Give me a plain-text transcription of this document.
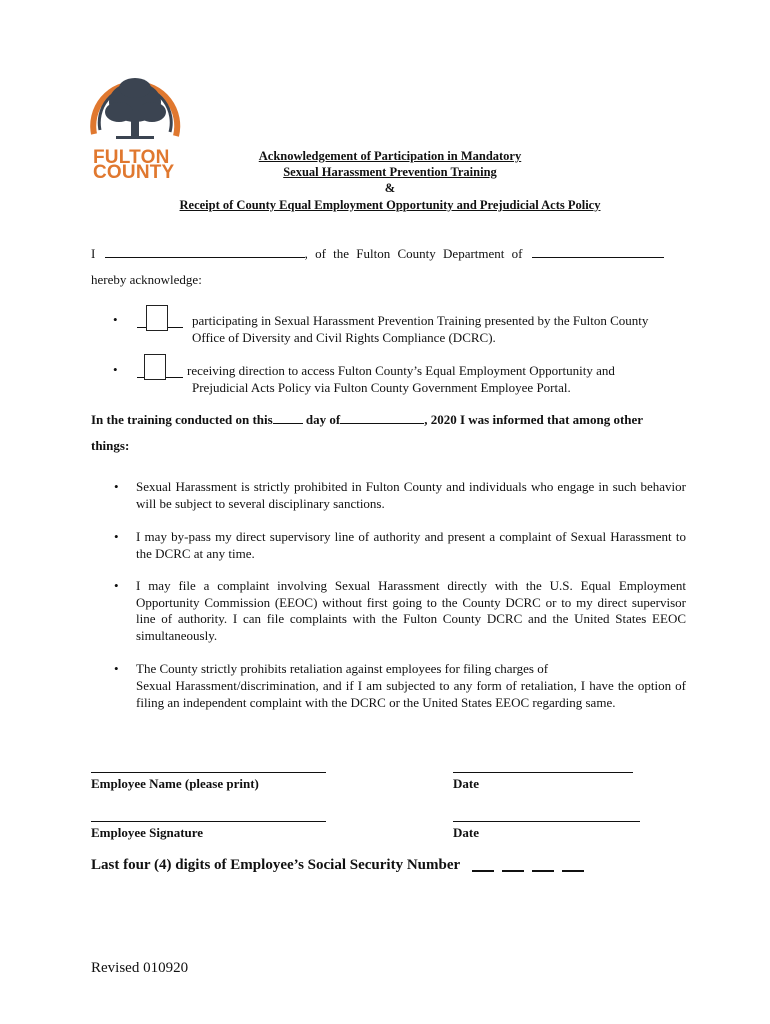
FULTON
COUNTY
Acknowledgement of Participation in Mandatory
Sexual Harassment Prevention Training
&
Receipt of County Equal Employment Opportunity and Prejudicial Acts Policy
I	, of the Fulton County Department of
hereby acknowledge:
•	participating in Sexual Harassment Prevention Training presented by the Fulton County
Office of Diversity and Civil Rights Compliance (DCRC).
•	receiving direction to access Fulton County’s Equal Employment Opportunity and
Prejudicial Acts Policy via Fulton County Government Employee Portal.
In the training conducted on this	day of	, 2020 I was informed that among other
things:
• Sexual Harassment is strictly prohibited in Fulton County and individuals who engage in such behavior will be subject to several disciplinary sanctions.
• I may by-pass my direct supervisory line of authority and present a complaint of Sexual Harassment to the DCRC at any time.
• I may file a complaint involving Sexual Harassment directly with the U.S. Equal Employment Opportunity Commission (EEOC) without first going to the County DCRC or to my direct supervisor line of authority. I can file complaints with the Fulton County DCRC and the United States EEOC simultaneously.
• The County strictly prohibits retaliation against employees for filing charges of
Sexual Harassment/discrimination, and if I am subjected to any form of retaliation, I have the option of filing an independent complaint with the DCRC or the United States EEOC regarding same.
Employee Name (please print)	Date
Employee Signature	Date
Last four (4) digits of Employee’s Social Security Number
Revised 010920
